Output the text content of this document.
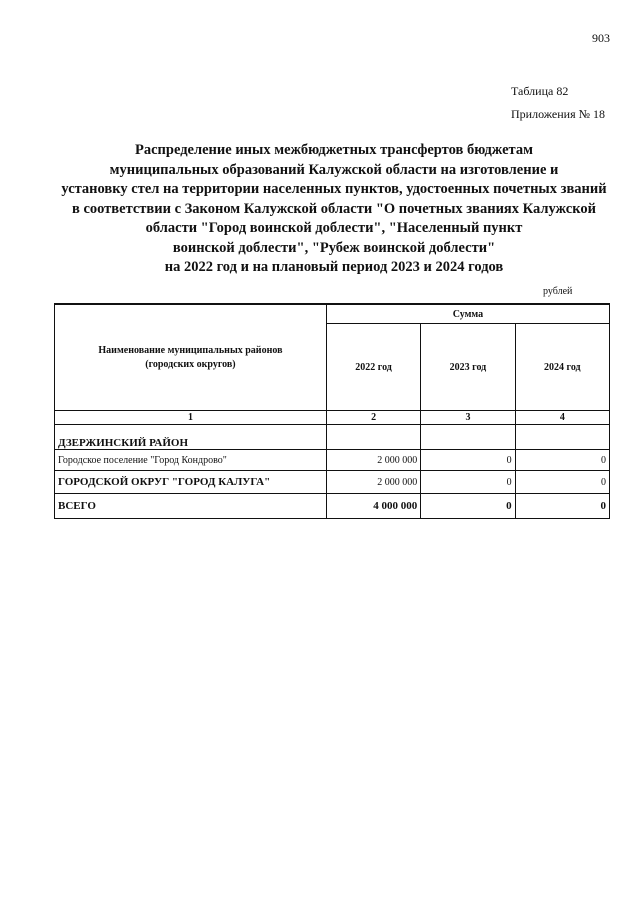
903
Таблица 82
Приложения № 18
Распределение иных межбюджетных трансфертов бюджетам
муниципальных образований Калужской области на изготовление и
установку стел на территории населенных пунктов, удостоенных почетных званий
в соответствии с Законом Калужской области "О почетных званиях Калужской
области "Город воинской доблести", "Населенный пункт
воинской доблести", "Рубеж воинской доблести"
на 2022 год и на плановый период 2023 и 2024 годов
рублей
Наименование муниципальных районов
(городских округов)	Сумма		
	2022 год	2023 год	2024 год
1	2	3	4
ДЗЕРЖИНСКИЙ РАЙОН			
Городское поселение "Город Кондрово"	2 000 000	0	0
ГОРОДСКОЙ ОКРУГ "ГОРОД КАЛУГА"	2 000 000	0	0
ВСЕГО	4 000 000	0	0
